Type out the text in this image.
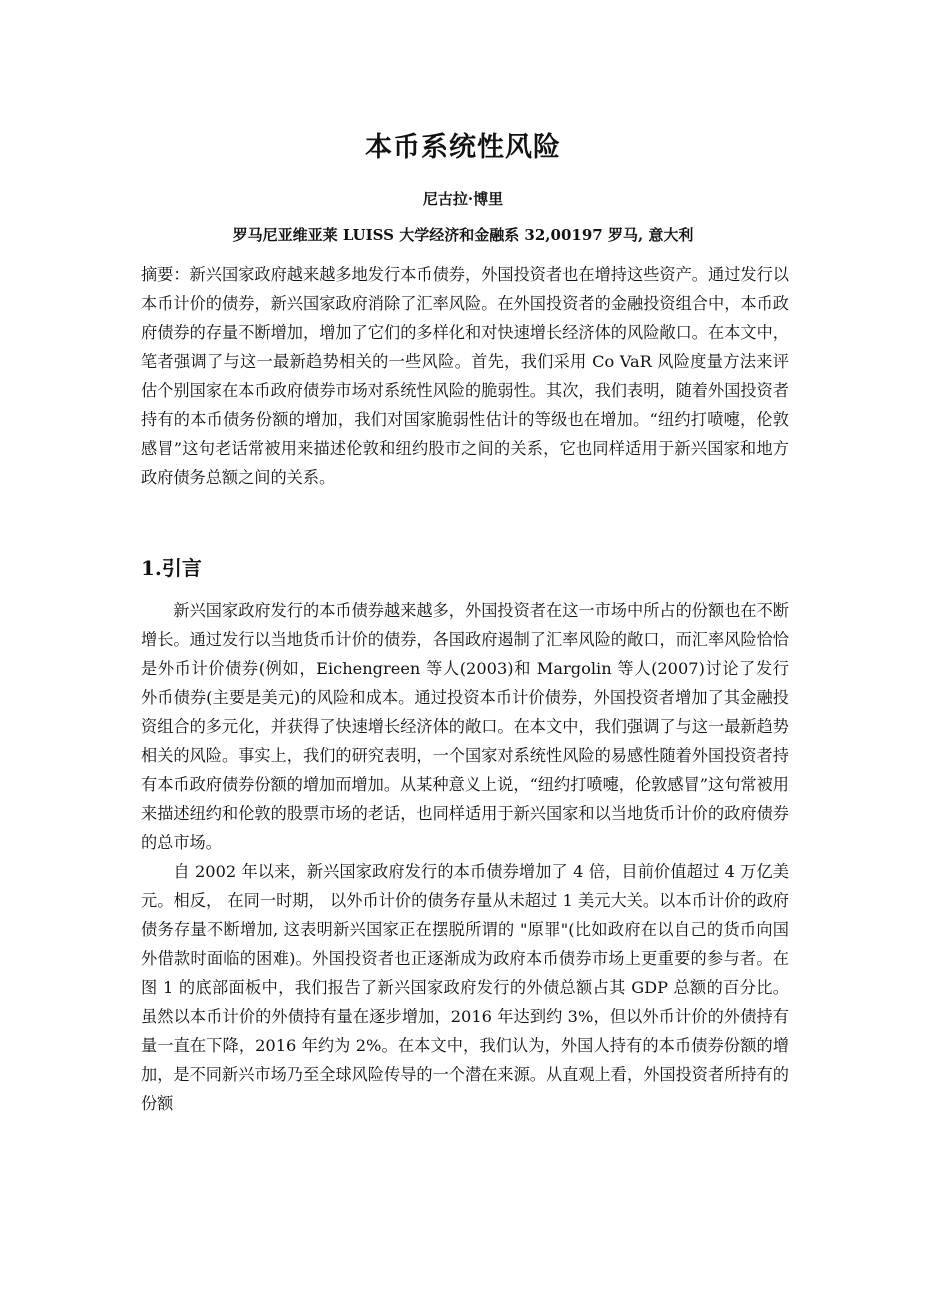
本币系统性风险
尼古拉·博里
罗马尼亚维亚莱 LUISS 大学经济和金融系 32,00197 罗马, 意大利
摘要：新兴国家政府越来越多地发行本币债券，外国投资者也在增持这些资产。通过发行以本币计价的债券，新兴国家政府消除了汇率风险。在外国投资者的金融投资组合中，本币政府债券的存量不断增加，增加了它们的多样化和对快速增长经济体的风险敞口。在本文中，笔者强调了与这一最新趋势相关的一些风险。首先，我们采用 Co VaR 风险度量方法来评估个别国家在本币政府债券市场对系统性风险的脆弱性。其次，我们表明，随着外国投资者持有的本币债务份额的增加，我们对国家脆弱性估计的等级也在增加。“纽约打喷嚏，伦敦感冒”这句老话常被用来描述伦敦和纽约股市之间的关系，它也同样适用于新兴国家和地方政府债务总额之间的关系。
1.引言

新兴国家政府发行的本币债券越来越多，外国投资者在这一市场中所占的份额也在不断增长。通过发行以当地货币计价的债券，各国政府遏制了汇率风险的敞口，而汇率风险恰恰是外币计价债券(例如，Eichengreen 等人(2003)和 Margolin 等人(2007)讨论了发行外币债券(主要是美元)的风险和成本。通过投资本币计价债券，外国投资者增加了其金融投资组合的多元化，并获得了快速增长经济体的敞口。在本文中，我们强调了与这一最新趋势相关的风险。事实上，我们的研究表明，一个国家对系统性风险的易感性随着外国投资者持有本币政府债券份额的增加而增加。从某种意义上说，“纽约打喷嚏，伦敦感冒”这句常被用来描述纽约和伦敦的股票市场的老话，也同样适用于新兴国家和以当地货币计价的政府债券的总市场。

自 2002 年以来，新兴国家政府发行的本币债券增加了 4 倍，目前价值超过 4 万亿美元。相反， 在同一时期， 以外币计价的债务存量从未超过 1 美元大关。以本币计价的政府债务存量不断增加, 这表明新兴国家正在摆脱所谓的 "原罪"(比如政府在以自己的货币向国外借款时面临的困难)。外国投资者也正逐渐成为政府本币债券市场上更重要的参与者。在图 1 的底部面板中，我们报告了新兴国家政府发行的外债总额占其 GDP 总额的百分比。虽然以本币计价的外债持有量在逐步增加，2016 年达到约 3%，但以外币计价的外债持有量一直在下降，2016 年约为 2%。在本文中，我们认为，外国人持有的本币债券份额的增加，是不同新兴市场乃至全球风险传导的一个潜在来源。从直观上看，外国投资者所持有的份额
